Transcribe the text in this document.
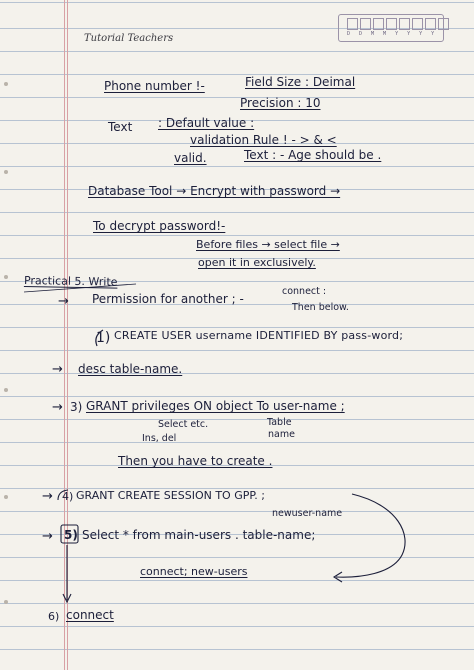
Tutorial Teachers	D D M M Y Y Y Y
Phone number !-	Field Size : Deimal
Precision : 10
Text : Default value :
validation Rule ! - > & <
valid.	Text : - Age should be .
Database Tool → Encrypt with password →
To decrypt password!-
Before files → select file →
open it in exclusively.
Practical 5. Write
→ Permission for another ; -
connect :
Then below.
1) CREATE USER username IDENTIFIED BY pass-word;
→ desc table-name.
→ 3) GRANT privileges ON object To user-name ;
Select etc.
Ins, del
Table
name
Then you have to create .
→ 4) GRANT CREATE SESSION TO GPP. ;
newuser-name
→ 5) Select * from main-users . table-name;
connect; new-users
6) connect
